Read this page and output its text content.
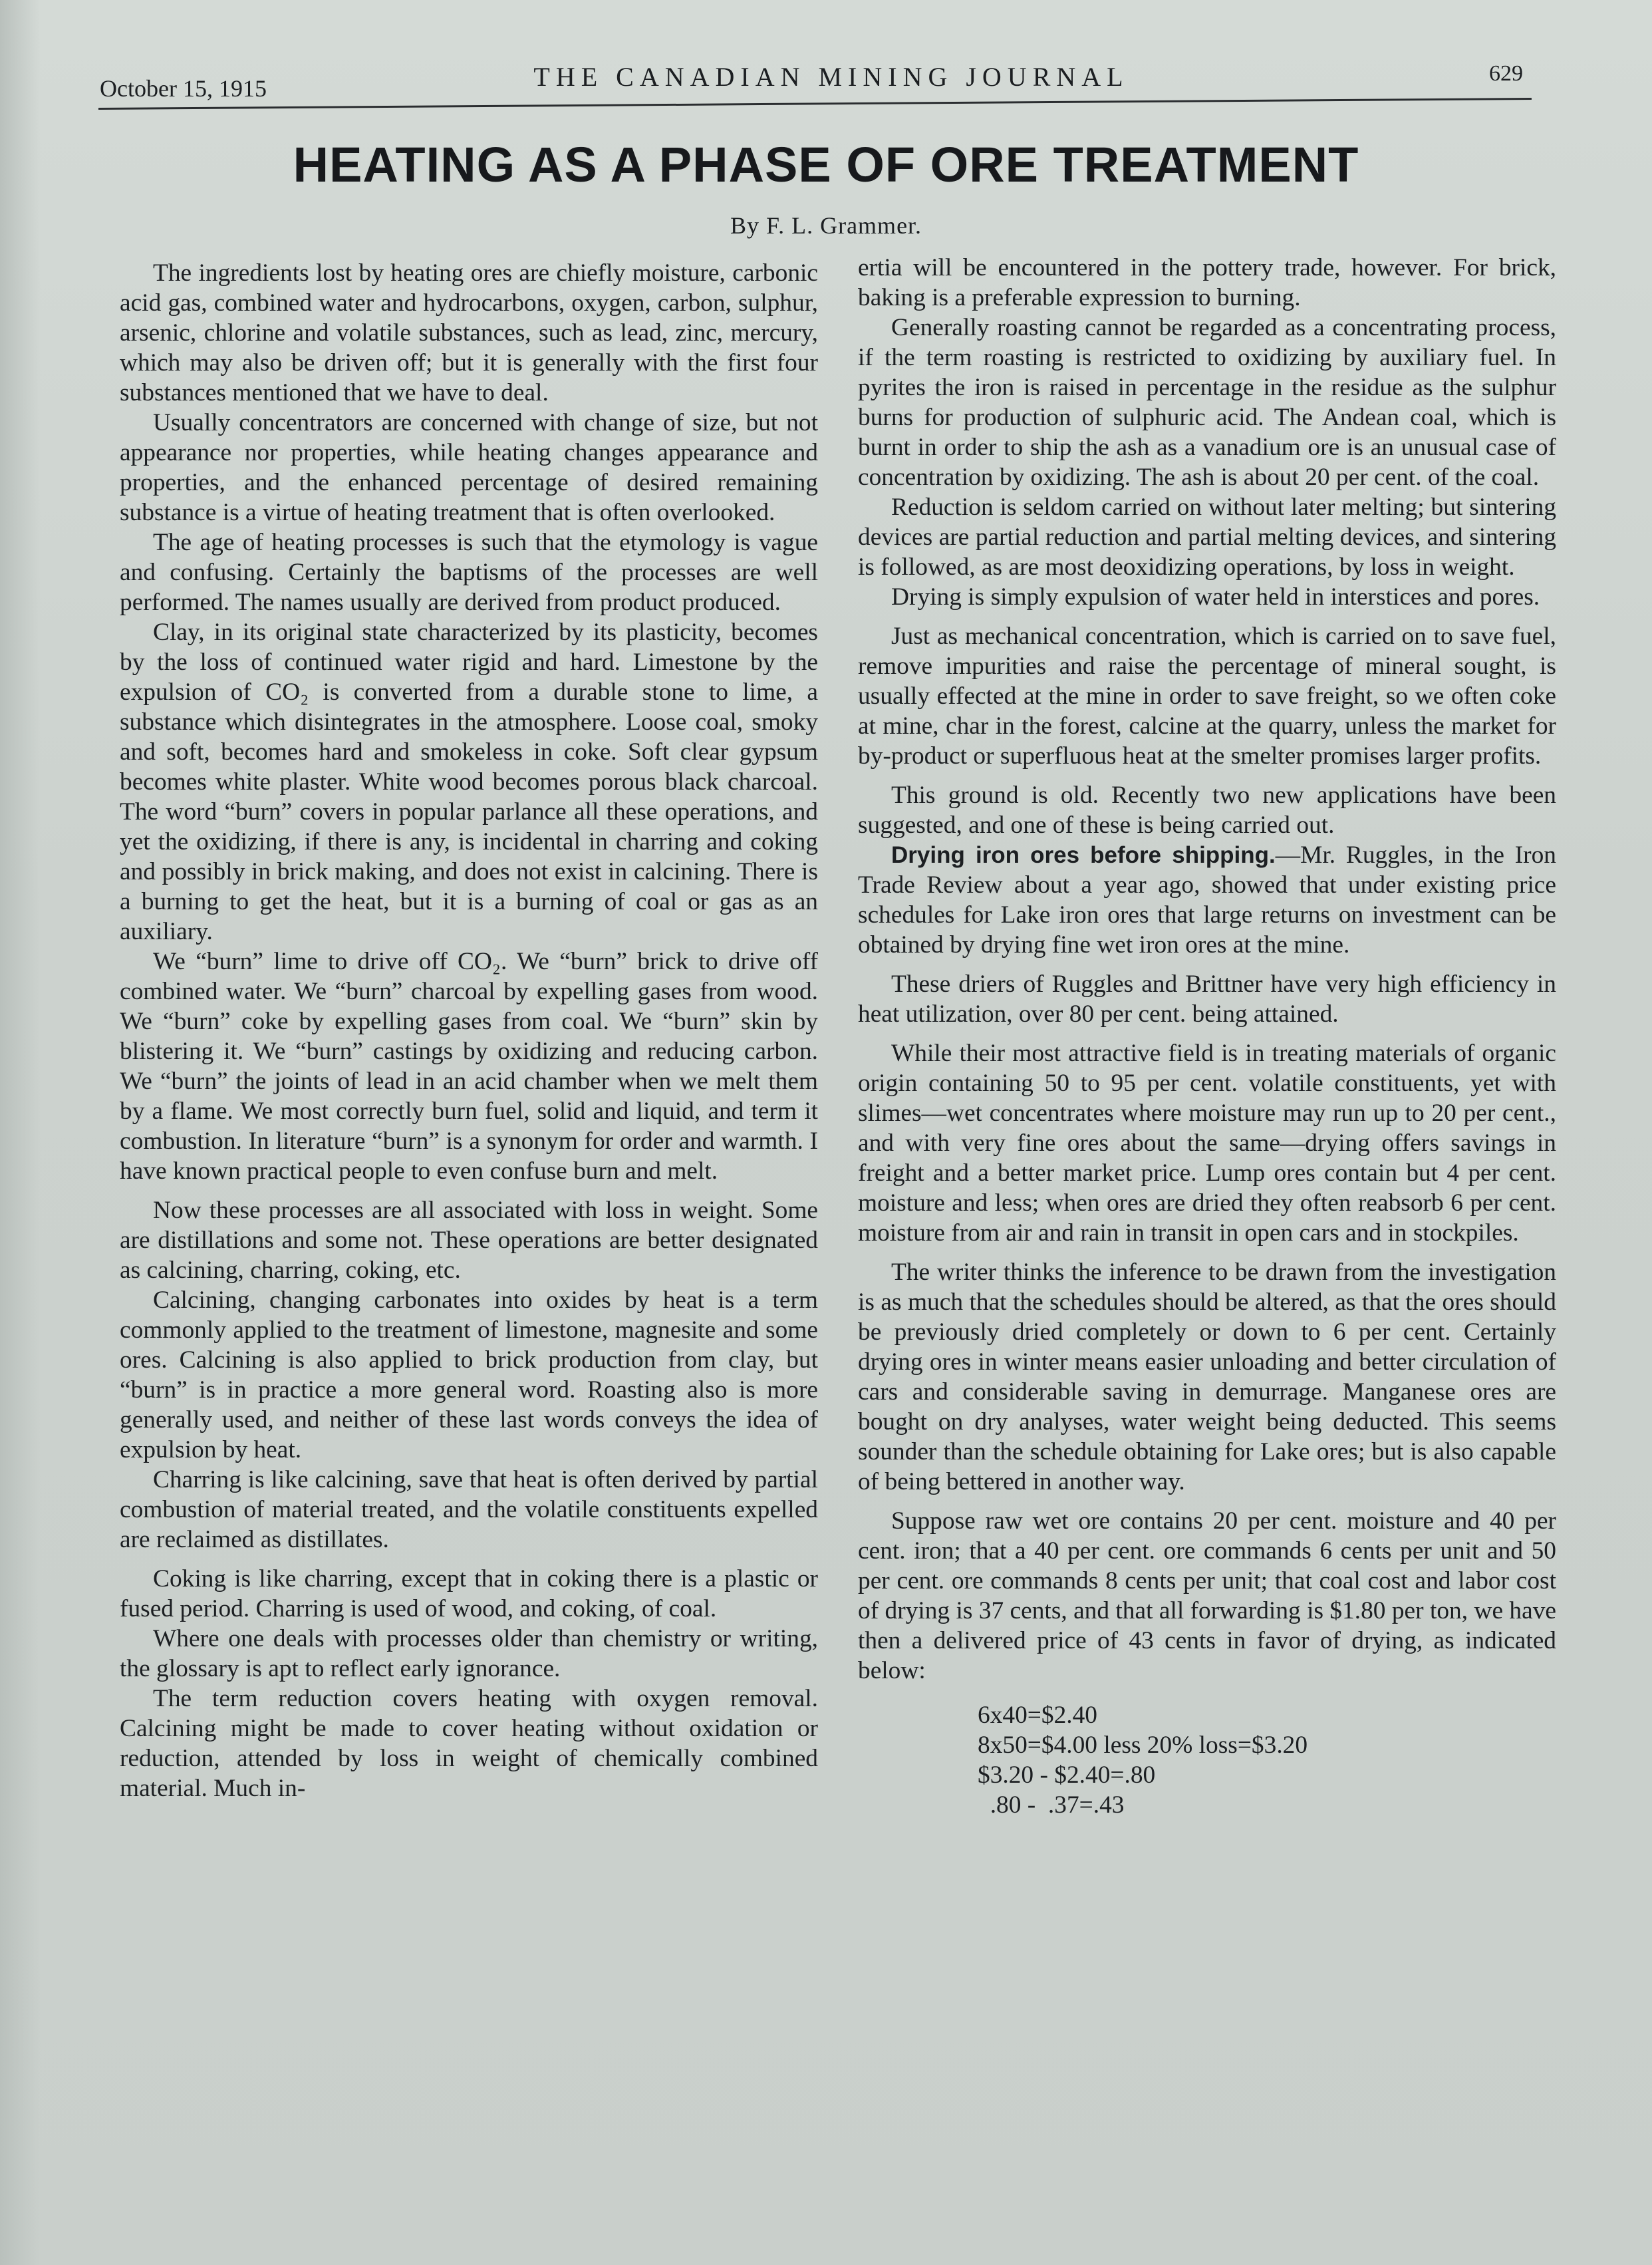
October 15, 1915	THE CANADIAN MINING JOURNAL	629
HEATING AS A PHASE OF ORE TREATMENT
By F. L. Grammer.

The ingredients lost by heating ores are chiefly moisture, carbonic acid gas, combined water and hydrocarbons, oxygen, carbon, sulphur, arsenic, chlorine and volatile substances, such as lead, zinc, mercury, which may also be driven off; but it is generally with the first four substances mentioned that we have to deal.

Usually concentrators are concerned with change of size, but not appearance nor properties, while heating changes appearance and properties, and the enhanced percentage of desired remaining substance is a virtue of heating treatment that is often overlooked.

The age of heating processes is such that the etymology is vague and confusing. Certainly the baptisms of the processes are well performed. The names usually are derived from product produced.

Clay, in its original state characterized by its plasticity, becomes by the loss of continued water rigid and hard. Limestone by the expulsion of CO₂ is converted from a durable stone to lime, a substance which disintegrates in the atmosphere. Loose coal, smoky and soft, becomes hard and smokeless in coke. Soft clear gypsum becomes white plaster. White wood becomes porous black charcoal. The word “burn” covers in popular parlance all these operations, and yet the oxidizing, if there is any, is incidental in charring and coking and possibly in brick making, and does not exist in calcining. There is a burning to get the heat, but it is a burning of coal or gas as an auxiliary.

We “burn” lime to drive off CO₂. We “burn” brick to drive off combined water. We “burn” charcoal by expelling gases from wood. We “burn” coke by expelling gases from coal. We “burn” skin by blistering it. We “burn” castings by oxidizing and reducing carbon. We “burn” the joints of lead in an acid chamber when we melt them by a flame. We most correctly burn fuel, solid and liquid, and term it combustion. In literature “burn” is a synonym for order and warmth. I have known practical people to even confuse burn and melt.

Now these processes are all associated with loss in weight. Some are distillations and some not. These operations are better designated as calcining, charring, coking, etc.

Calcining, changing carbonates into oxides by heat is a term commonly applied to the treatment of limestone, magnesite and some ores. Calcining is also applied to brick production from clay, but “burn” is in practice a more general word. Roasting also is more generally used, and neither of these last words conveys the idea of expulsion by heat.

Charring is like calcining, save that heat is often derived by partial combustion of material treated, and the volatile constituents expelled are reclaimed as distillates.

Coking is like charring, except that in coking there is a plastic or fused period. Charring is used of wood, and coking, of coal.

Where one deals with processes older than chemistry or writing, the glossary is apt to reflect early ignorance.

The term reduction covers heating with oxygen removal. Calcining might be made to cover heating without oxidation or reduction, attended by loss in weight of chemically combined material. Much in-

ertia will be encountered in the pottery trade, however. For brick, baking is a preferable expression to burning.

Generally roasting cannot be regarded as a concentrating process, if the term roasting is restricted to oxidizing by auxiliary fuel. In pyrites the iron is raised in percentage in the residue as the sulphur burns for production of sulphuric acid. The Andean coal, which is burnt in order to ship the ash as a vanadium ore is an unusual case of concentration by oxidizing. The ash is about 20 per cent. of the coal.

Reduction is seldom carried on without later melting; but sintering devices are partial reduction and partial melting devices, and sintering is followed, as are most deoxidizing operations, by loss in weight.

Drying is simply expulsion of water held in interstices and pores.

Just as mechanical concentration, which is carried on to save fuel, remove impurities and raise the percentage of mineral sought, is usually effected at the mine in order to save freight, so we often coke at mine, char in the forest, calcine at the quarry, unless the market for by-product or superfluous heat at the smelter promises larger profits.

This ground is old. Recently two new applications have been suggested, and one of these is being carried out.

Drying iron ores before shipping.—Mr. Ruggles, in the Iron Trade Review about a year ago, showed that under existing price schedules for Lake iron ores that large returns on investment can be obtained by drying fine wet iron ores at the mine.

These driers of Ruggles and Brittner have very high efficiency in heat utilization, over 80 per cent. being attained.

While their most attractive field is in treating materials of organic origin containing 50 to 95 per cent. volatile constituents, yet with slimes—wet concentrates where moisture may run up to 20 per cent., and with very fine ores about the same—drying offers savings in freight and a better market price. Lump ores contain but 4 per cent. moisture and less; when ores are dried they often reabsorb 6 per cent. moisture from air and rain in transit in open cars and in stockpiles.

The writer thinks the inference to be drawn from the investigation is as much that the schedules should be altered, as that the ores should be previously dried completely or down to 6 per cent. Certainly drying ores in winter means easier unloading and better circulation of cars and considerable saving in demurrage. Manganese ores are bought on dry analyses, water weight being deducted. This seems sounder than the schedule obtaining for Lake ores; but is also capable of being bettered in another way.

Suppose raw wet ore contains 20 per cent. moisture and 40 per cent. iron; that a 40 per cent. ore commands 6 cents per unit and 50 per cent. ore commands 8 cents per unit; that coal cost and labor cost of drying is 37 cents, and that all forwarding is $1.80 per ton, we have then a delivered price of 43 cents in favor of drying, as indicated below:

6x40=$2.40
8x50=$4.00 less 20% loss=$3.20
$3.20 - $2.40=.80
.80 -  .37=.43
